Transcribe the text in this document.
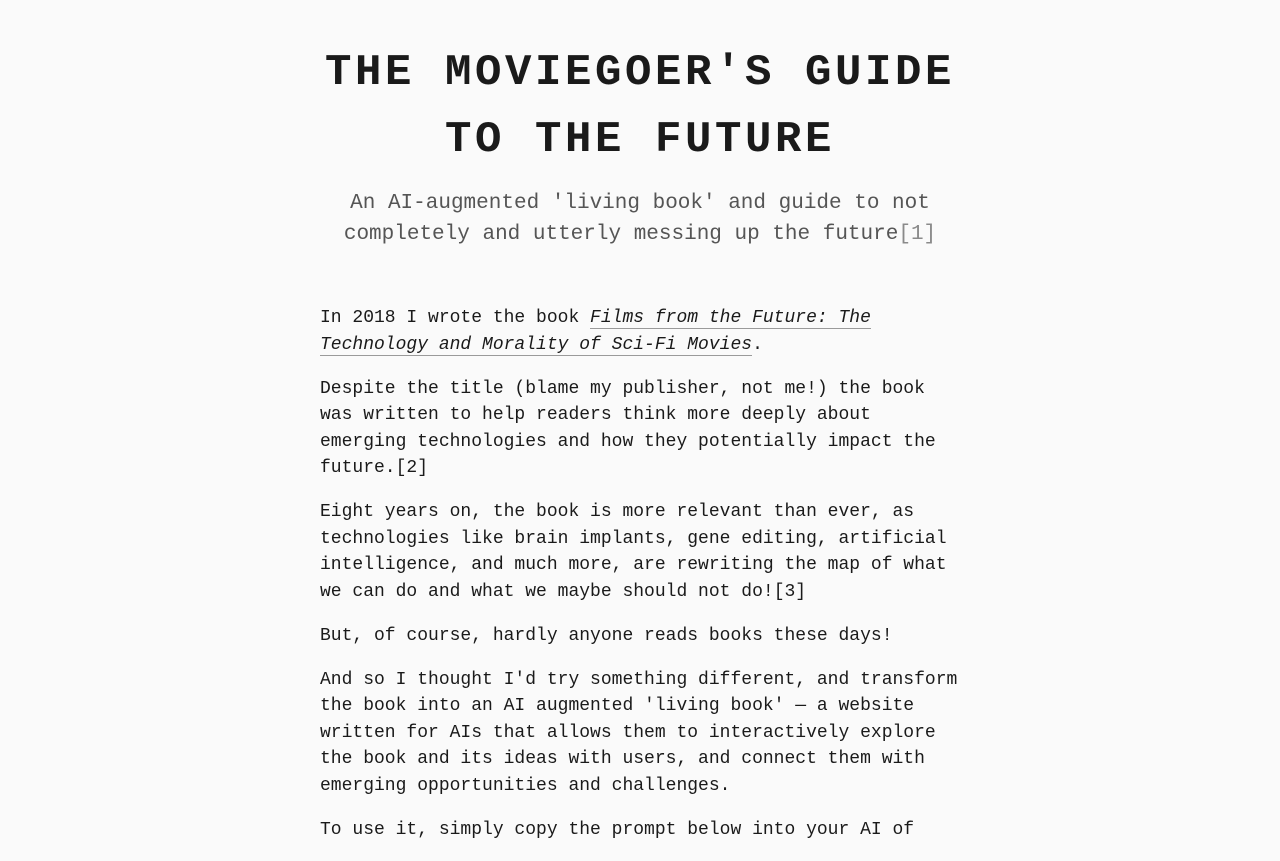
THE MOVIEGOER'S GUIDE TO THE FUTURE
An AI-augmented 'living book' and guide to not completely and utterly messing up the future[1]

In 2018 I wrote the book Films from the Future: The Technology and Morality of Sci-Fi Movies.

Despite the title (blame my publisher, not me!) the book was written to help readers think more deeply about emerging technologies and how they potentially impact the future.[2]

Eight years on, the book is more relevant than ever, as technologies like brain implants, gene editing, artificial intelligence, and much more, are rewriting the map of what we can do and what we maybe should not do![3]

But, of course, hardly anyone reads books these days!

And so I thought I'd try something different, and transform the book into an AI augmented 'living book' — a website written for AIs that allows them to interactively explore the book and its ideas with users, and connect them with emerging opportunities and challenges.

To use it, simply copy the prompt below into your AI of
